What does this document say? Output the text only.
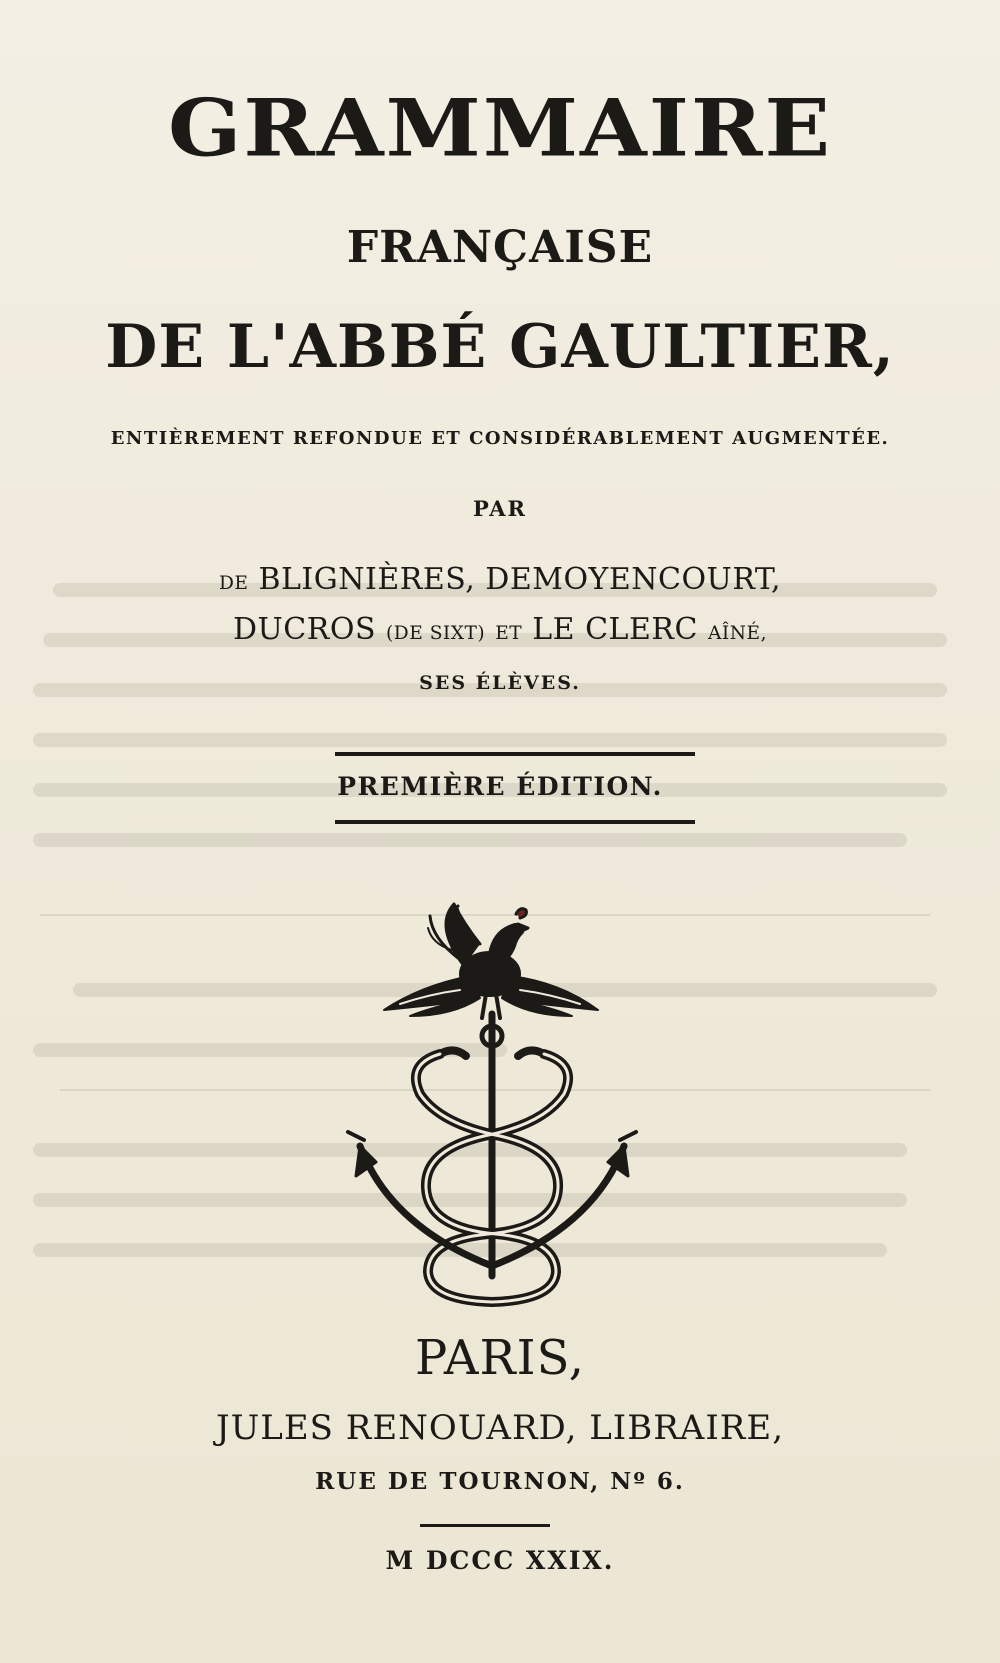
GRAMMAIRE
FRANÇAISE
DE L'ABBÉ GAULTIER,
ENTIÈREMENT REFONDUE ET CONSIDÉRABLEMENT AUGMENTÉE.
PAR
DE BLIGNIÈRES, DEMOYENCOURT,
DUCROS (DE SIXT) ET LE CLERC AÎNÉ,
SES ÉLÈVES.
PREMIÈRE ÉDITION.
PARIS,
JULES RENOUARD, LIBRAIRE,
RUE DE TOURNON, Nº 6.
M DCCC XXIX.
